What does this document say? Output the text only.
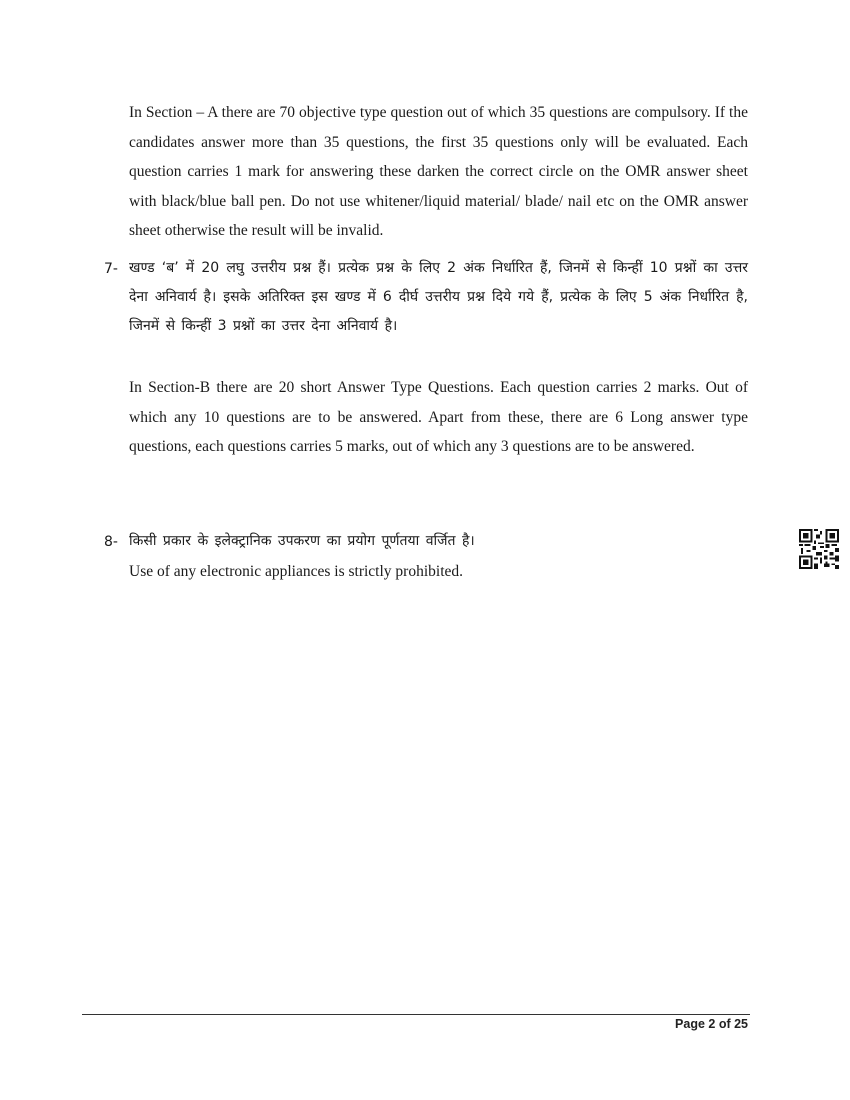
In Section – A there are 70 objective type question out of which 35 questions are compulsory. If the candidates answer more than 35 questions, the first 35 questions only will be evaluated. Each question carries 1 mark for answering these darken the correct circle on the OMR answer sheet with black/blue ball pen. Do not use whitener/liquid material/ blade/ nail etc on the OMR answer sheet otherwise the result will be invalid.

7- खण्ड ‘ब’ में 20 लघु उत्तरीय प्रश्न हैं। प्रत्येक प्रश्न के लिए 2 अंक निर्धारित हैं, जिनमें से किन्हीं 10 प्रश्नों का उत्तर देना अनिवार्य है। इसके अतिरिक्त इस खण्ड में 6 दीर्घ उत्तरीय प्रश्न दिये गये हैं, प्रत्येक के लिए 5 अंक निर्धारित है, जिनमें से किन्हीं 3 प्रश्नों का उत्तर देना अनिवार्य है।

In Section-B there are 20 short Answer Type Questions. Each question carries 2 marks. Out of which any 10 questions are to be answered. Apart from these, there are 6 Long answer type questions, each questions carries 5 marks, out of which any 3 questions are to be answered.

8- किसी प्रकार के इलेक्ट्रानिक उपकरण का प्रयोग पूर्णतया वर्जित है।

Use of any electronic appliances is strictly prohibited.

Page 2 of 25
